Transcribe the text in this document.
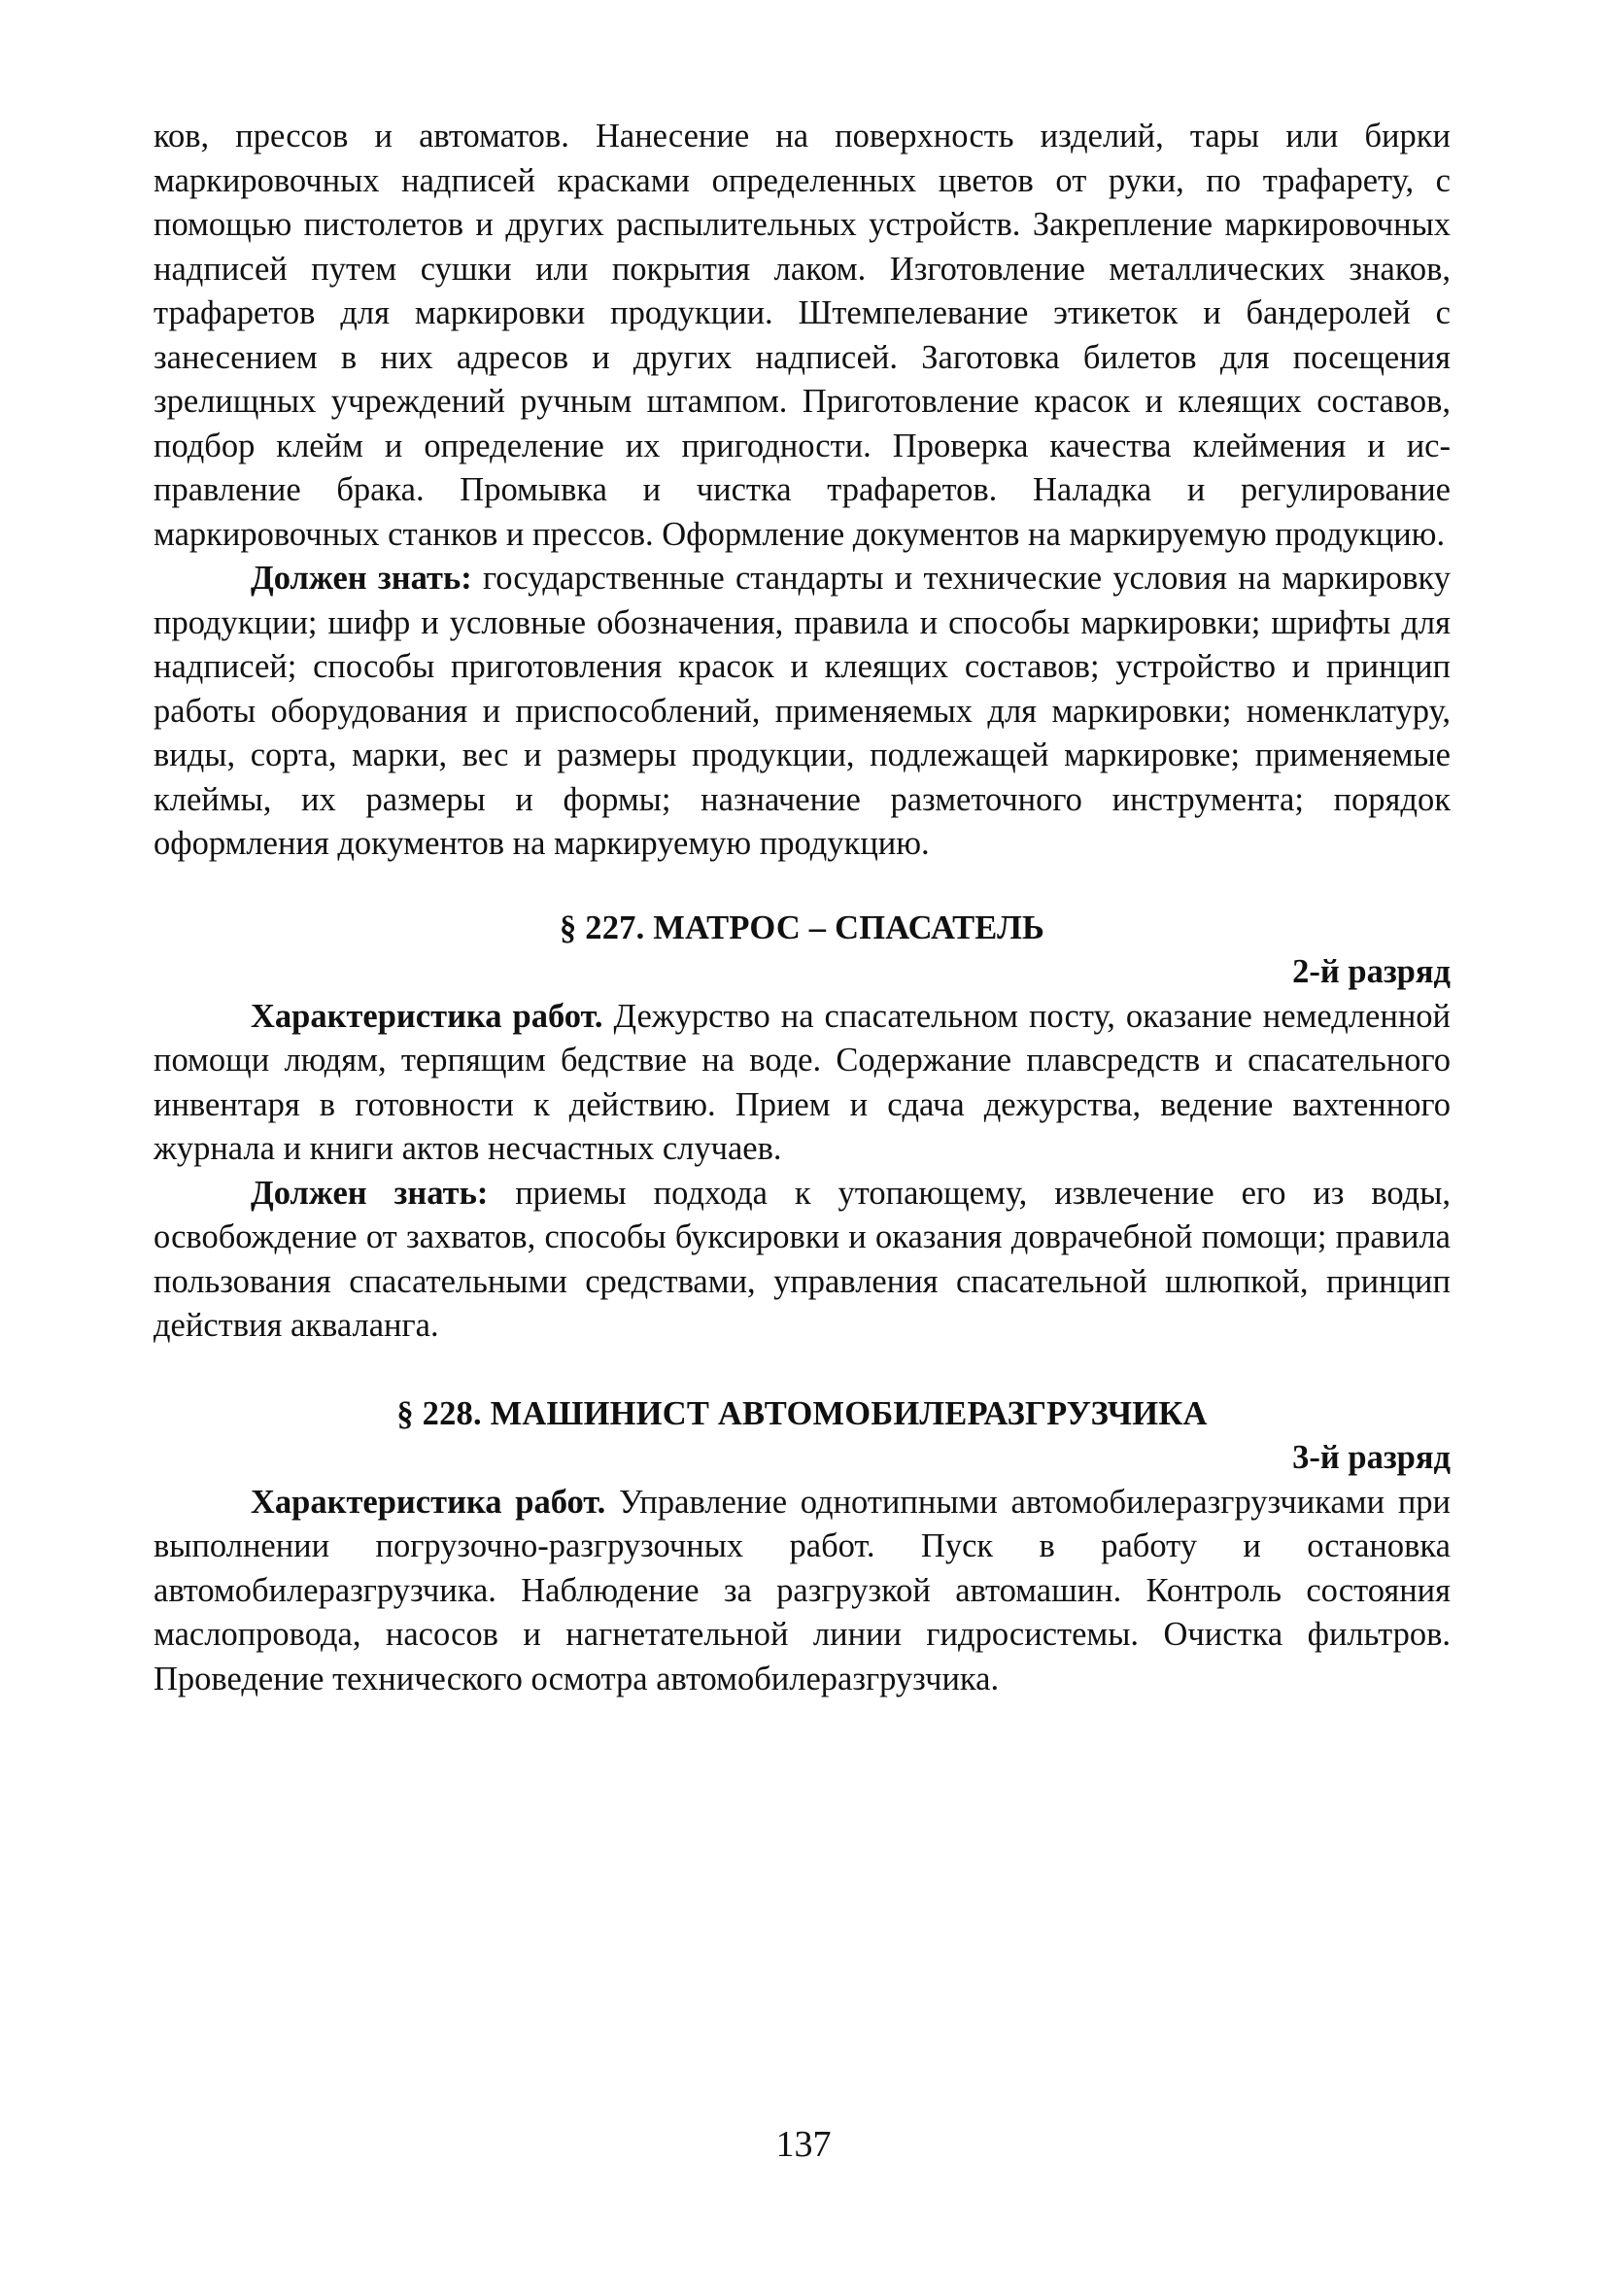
ков, прессов и автоматов. Нанесение на поверхность изделий, тары или бирки маркировочных надписей красками определенных цветов от руки, по трафарету, с помощью пистолетов и других распылительных устройств. Закрепление маркировочных надписей путем сушки или покрытия лаком. Изготовление металлических знаков, трафаретов для маркировки продукции. Штемпелевание этикеток и бандеролей с занесением в них адресов и других надписей. Заготовка билетов для посещения зрелищных учреждений ручным штампом. Приготовление красок и клеящих составов, подбор клейм и определение их пригодности. Проверка качества клеймения и исправление брака. Промывка и чистка трафаретов. Наладка и регулирование маркировочных станков и прессов. Оформление документов на маркируемую продукцию.

Должен знать: государственные стандарты и технические условия на маркировку продукции; шифр и условные обозначения, правила и способы маркировки; шрифты для надписей; способы приготовления красок и клеящих составов; устройство и принцип работы оборудования и приспособлений, применяемых для маркировки; номенклатуру, виды, сорта, марки, вес и размеры продукции, подлежащей маркировке; применяемые клеймы, их размеры и формы; назначение разметочного инструмента; порядок оформления документов на маркируемую продукцию.

§ 227. МАТРОС – СПАСАТЕЛЬ

2-й разряд

Характеристика работ. Дежурство на спасательном посту, оказание немедленной помощи людям, терпящим бедствие на воде. Содержание плавсредств и спасательного инвентаря в готовности к действию. Прием и сдача дежурства, ведение вахтенного журнала и книги актов несчастных случаев.

Должен знать: приемы подхода к утопающему, извлечение его из воды, освобождение от захватов, способы буксировки и оказания доврачебной помощи; правила пользования спасательными средствами, управления спасательной шлюпкой, принцип действия акваланга.

§ 228. МАШИНИСТ АВТОМОБИЛЕРАЗГРУЗЧИКА

3-й разряд

Характеристика работ. Управление однотипными автомобилеразгрузчиками при выполнении погрузочно-разгрузочных работ. Пуск в работу и остановка автомобилеразгрузчика. Наблюдение за разгрузкой автомашин. Контроль состояния маслопровода, насосов и нагнетательной линии гидросистемы. Очистка фильтров. Проведение технического осмотра автомобилеразгрузчика.

137
